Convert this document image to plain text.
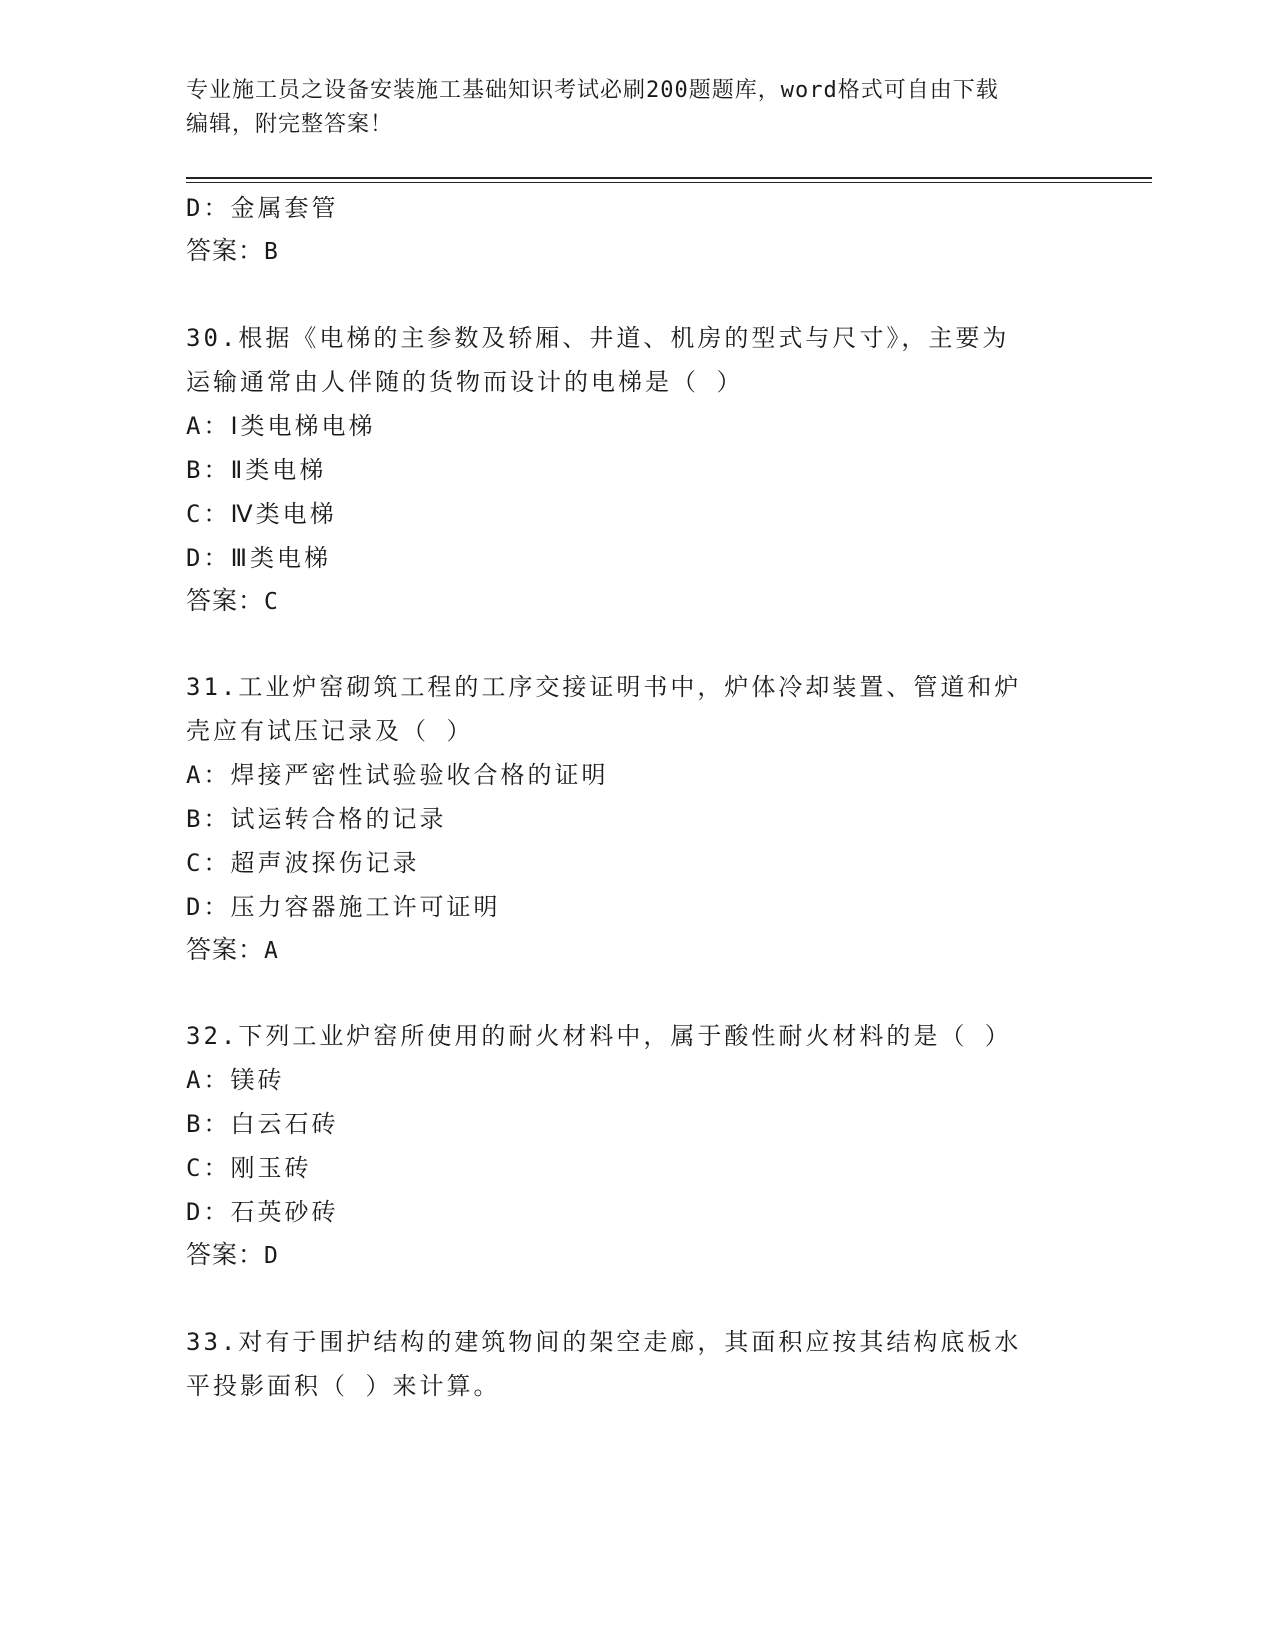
专业施工员之设备安装施工基础知识考试必刷200题题库，word格式可自由下载
编辑，附完整答案！
D：金属套管
答案：B
30.根据《电梯的主参数及轿厢、井道、机房的型式与尺寸》，主要为
运输通常由人伴随的货物而设计的电梯是（ ）
A：Ⅰ类电梯电梯
B：Ⅱ类电梯
C：Ⅳ类电梯
D：Ⅲ类电梯
答案：C
31.工业炉窑砌筑工程的工序交接证明书中，炉体冷却装置、管道和炉
壳应有试压记录及（ ）
A：焊接严密性试验验收合格的证明
B：试运转合格的记录
C：超声波探伤记录
D：压力容器施工许可证明
答案：A
32.下列工业炉窑所使用的耐火材料中，属于酸性耐火材料的是（ ）
A：镁砖
B：白云石砖
C：刚玉砖
D：石英砂砖
答案：D
33.对有于围护结构的建筑物间的架空走廊，其面积应按其结构底板水
平投影面积（ ）来计算。
